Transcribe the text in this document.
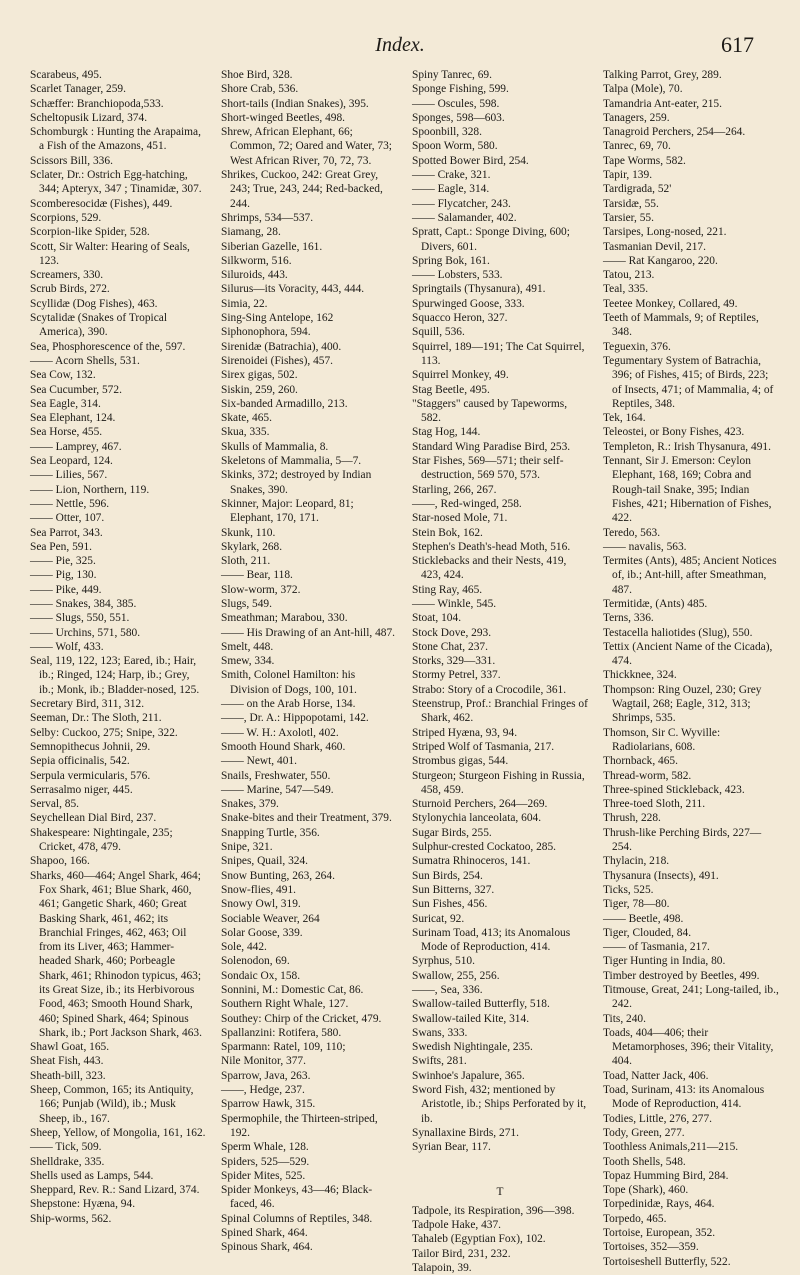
Index.	617

Scarabeus, 495.

Scarlet Tanager, 259.

Schæffer: Branchiopoda,533.

Scheltopusik Lizard, 374.

Schomburgk : Hunting the Arapaima, a Fish of the Amazons, 451.

Scissors Bill, 336.

Sclater, Dr.: Ostrich Egg-hatching, 344; Apteryx, 347 ; Tinamidæ, 307.

Scomberesocidæ (Fishes), 449.

Scorpions, 529.

Scorpion-like Spider, 528.

Scott, Sir Walter: Hearing of Seals, 123.

Screamers, 330.

Scrub Birds, 272.

Scyllidæ (Dog Fishes), 463.

Scytalidæ (Snakes of Tropical America), 390.

Sea, Phosphorescence of the, 597.

—— Acorn Shells, 531.

Sea Cow, 132.

Sea Cucumber, 572.

Sea Eagle, 314.

Sea Elephant, 124.

Sea Horse, 455.

—— Lamprey, 467.

Sea Leopard, 124.

—— Lilies, 567.

—— Lion, Northern, 119.

—— Nettle, 596.

—— Otter, 107.

Sea Parrot, 343.

Sea Pen, 591.

—— Pie, 325.

—— Pig, 130.

—— Pike, 449.

—— Snakes, 384, 385.

—— Slugs, 550, 551.

—— Urchins, 571, 580.

—— Wolf, 433.

Seal, 119, 122, 123; Eared, ib.; Hair, ib.; Ringed, 124; Harp, ib.; Grey, ib.; Monk, ib.; Bladder-nosed, 125.

Secretary Bird, 311, 312.

Seeman, Dr.: The Sloth, 211.

Selby: Cuckoo, 275; Snipe, 322.

Semnopithecus Johnii, 29.

Sepia officinalis, 542.

Serpula vermicularis, 576.

Serrasalmo niger, 445.

Serval, 85.

Seychellean Dial Bird, 237.

Shakespeare: Nightingale, 235; Cricket, 478, 479.

Shapoo, 166.

Sharks, 460—464; Angel Shark, 464; Fox Shark, 461; Blue Shark, 460, 461; Gangetic Shark, 460; Great Basking Shark, 461, 462; its Branchial Fringes, 462, 463; Oil from its Liver, 463; Hammer-headed Shark, 460; Porbeagle Shark, 461; Rhinodon typicus, 463; its Great Size, ib.; its Herbivorous Food, 463; Smooth Hound Shark, 460; Spined Shark, 464; Spinous Shark, ib.; Port Jackson Shark, 463.

Shawl Goat, 165.

Sheat Fish, 443.

Sheath-bill, 323.

Sheep, Common, 165; its Antiquity, 166; Punjab (Wild), ib.; Musk Sheep, ib., 167.

Sheep, Yellow, of Mongolia, 161, 162.

—— Tick, 509.

Shelldrake, 335.

Shells used as Lamps, 544.

Sheppard, Rev. R.: Sand Lizard, 374.

Shepstone: Hyæna, 94.

Ship-worms, 562.

Shoe Bird, 328.

Shore Crab, 536.

Short-tails (Indian Snakes), 395.

Short-winged Beetles, 498.

Shrew, African Elephant, 66; Common, 72; Oared and Water, 73; West African River, 70, 72, 73.

Shrikes, Cuckoo, 242: Great Grey, 243; True, 243, 244; Red-backed, 244.

Shrimps, 534—537.

Siamang, 28.

Siberian Gazelle, 161.

Silkworm, 516.

Siluroids, 443.

Silurus—its Voracity, 443, 444.

Simia, 22.

Sing-Sing Antelope, 162

Siphonophora, 594.

Sirenidæ (Batrachia), 400.

Sirenoidei (Fishes), 457.

Sirex gigas, 502.

Siskin, 259, 260.

Six-banded Armadillo, 213.

Skate, 465.

Skua, 335.

Skulls of Mammalia, 8.

Skeletons of Mammalia, 5—7.

Skinks, 372; destroyed by Indian Snakes, 390.

Skinner, Major: Leopard, 81; Elephant, 170, 171.

Skunk, 110.

Skylark, 268.

Sloth, 211.

—— Bear, 118.

Slow-worm, 372.

Slugs, 549.

Smeathman; Marabou, 330.

—— His Drawing of an Ant-hill, 487.

Smelt, 448.

Smew, 334.

Smith, Colonel Hamilton: his Division of Dogs, 100, 101.

—— on the Arab Horse, 134.

——, Dr. A.: Hippopotami, 142.

—— W. H.: Axolotl, 402.

Smooth Hound Shark, 460.

—— Newt, 401.

Snails, Freshwater, 550.

—— Marine, 547—549.

Snakes, 379.

Snake-bites and their Treatment, 379.

Snapping Turtle, 356.

Snipe, 321.

Snipes, Quail, 324.

Snow Bunting, 263, 264.

Snow-flies, 491.

Snowy Owl, 319.

Sociable Weaver, 264

Solar Goose, 339.

Sole, 442.

Solenodon, 69.

Sondaic Ox, 158.

Sonnini, M.: Domestic Cat, 86.

Southern Right Whale, 127.

Southey: Chirp of the Cricket, 479.

Spallanzini: Rotifera, 580.

Sparmann: Ratel, 109, 110;

Nile Monitor, 377.

Sparrow, Java, 263.

——, Hedge, 237.

Sparrow Hawk, 315.

Spermophile, the Thirteen-striped, 192.

Sperm Whale, 128.

Spiders, 525—529.

Spider Mites, 525.

Spider Monkeys, 43—46; Black-faced, 46.

Spinal Columns of Reptiles, 348.

Spined Shark, 464.

Spinous Shark, 464.

Spiny Tanrec, 69.

Sponge Fishing, 599.

—— Oscules, 598.

Sponges, 598—603.

Spoonbill, 328.

Spoon Worm, 580.

Spotted Bower Bird, 254.

—— Crake, 321.

—— Eagle, 314.

—— Flycatcher, 243.

—— Salamander, 402.

Spratt, Capt.: Sponge Diving, 600; Divers, 601.

Spring Bok, 161.

—— Lobsters, 533.

Springtails (Thysanura), 491.

Spurwinged Goose, 333.

Squacco Heron, 327.

Squill, 536.

Squirrel, 189—191; The Cat Squirrel, 113.

Squirrel Monkey, 49.

Stag Beetle, 495.

"Staggers" caused by Tapeworms, 582.

Stag Hog, 144.

Standard Wing Paradise Bird, 253.

Star Fishes, 569—571; their self-destruction, 569 570, 573.

Starling, 266, 267.

——, Red-winged, 258.

Star-nosed Mole, 71.

Stein Bok, 162.

Stephen's Death's-head Moth, 516.

Sticklebacks and their Nests, 419, 423, 424.

Sting Ray, 465.

—— Winkle, 545.

Stoat, 104.

Stock Dove, 293.

Stone Chat, 237.

Storks, 329—331.

Stormy Petrel, 337.

Strabo: Story of a Crocodile, 361.

Steenstrup, Prof.: Branchial Fringes of Shark, 462.

Striped Hyæna, 93, 94.

Striped Wolf of Tasmania, 217.

Strombus gigas, 544.

Sturgeon; Sturgeon Fishing in Russia, 458, 459.

Sturnoid Perchers, 264—269.

Stylonychia lanceolata, 604.

Sugar Birds, 255.

Sulphur-crested Cockatoo, 285.

Sumatra Rhinoceros, 141.

Sun Birds, 254.

Sun Bitterns, 327.

Sun Fishes, 456.

Suricat, 92.

Surinam Toad, 413; its Anomalous Mode of Reproduction, 414.

Syrphus, 510.

Swallow, 255, 256.

——, Sea, 336.

Swallow-tailed Butterfly, 518.

Swallow-tailed Kite, 314.

Swans, 333.

Swedish Nightingale, 235.

Swifts, 281.

Swinhoe's Japalure, 365.

Sword Fish, 432; mentioned by Aristotle, ib.; Ships Perforated by it, ib.

Synallaxine Birds, 271.

Syrian Bear, 117.

T

Tadpole, its Respiration, 396—398.

Tadpole Hake, 437.

Tahaleb (Egyptian Fox), 102.

Tailor Bird, 231, 232.

Talapoin, 39.

Talking Parrot, Grey, 289.

Talpa (Mole), 70.

Tamandria Ant-eater, 215.

Tanagers, 259.

Tanagroid Perchers, 254—264.

Tanrec, 69, 70.

Tape Worms, 582.

Tapir, 139.

Tardigrada, 52'

Tarsidæ, 55.

Tarsier, 55.

Tarsipes, Long-nosed, 221.

Tasmanian Devil, 217.

—— Rat Kangaroo, 220.

Tatou, 213.

Teal, 335.

Teetee Monkey, Collared, 49.

Teeth of Mammals, 9; of Reptiles, 348.

Teguexin, 376.

Tegumentary System of Batrachia, 396; of Fishes, 415; of Birds, 223; of Insects, 471; of Mammalia, 4; of Reptiles, 348.

Tek, 164.

Teleostei, or Bony Fishes, 423.

Templeton, R.: Irish Thysanura, 491.

Tennant, Sir J. Emerson: Ceylon Elephant, 168, 169; Cobra and Rough-tail Snake, 395; Indian Fishes, 421; Hibernation of Fishes, 422.

Teredo, 563.

—— navalis, 563.

Termites (Ants), 485; Ancient Notices of, ib.; Ant-hill, after Smeathman, 487.

Termitidæ, (Ants) 485.

Terns, 336.

Testacella haliotides (Slug), 550.

Tettix (Ancient Name of the Cicada), 474.

Thickknee, 324.

Thompson: Ring Ouzel, 230; Grey Wagtail, 268; Eagle, 312, 313; Shrimps, 535.

Thomson, Sir C. Wyville: Radiolarians, 608.

Thornback, 465.

Thread-worm, 582.

Three-spined Stickleback, 423.

Three-toed Sloth, 211.

Thrush, 228.

Thrush-like Perching Birds, 227—254.

Thylacin, 218.

Thysanura (Insects), 491.

Ticks, 525.

Tiger, 78—80.

—— Beetle, 498.

Tiger, Clouded, 84.

—— of Tasmania, 217.

Tiger Hunting in India, 80.

Timber destroyed by Beetles, 499.

Titmouse, Great, 241; Long-tailed, ib., 242.

Tits, 240.

Toads, 404—406; their Metamorphoses, 396; their Vitality, 404.

Toad, Natter Jack, 406.

Toad, Surinam, 413: its Anomalous Mode of Reproduction, 414.

Todies, Little, 276, 277.

Tody, Green, 277.

Toothless Animals,211—215.

Tooth Shells, 548.

Topaz Humming Bird, 284.

Tope (Shark), 460.

Torpedinidæ, Rays, 464.

Torpedo, 465.

Tortoise, European, 352.

Tortoises, 352—359.

Tortoiseshell Butterfly, 522.
